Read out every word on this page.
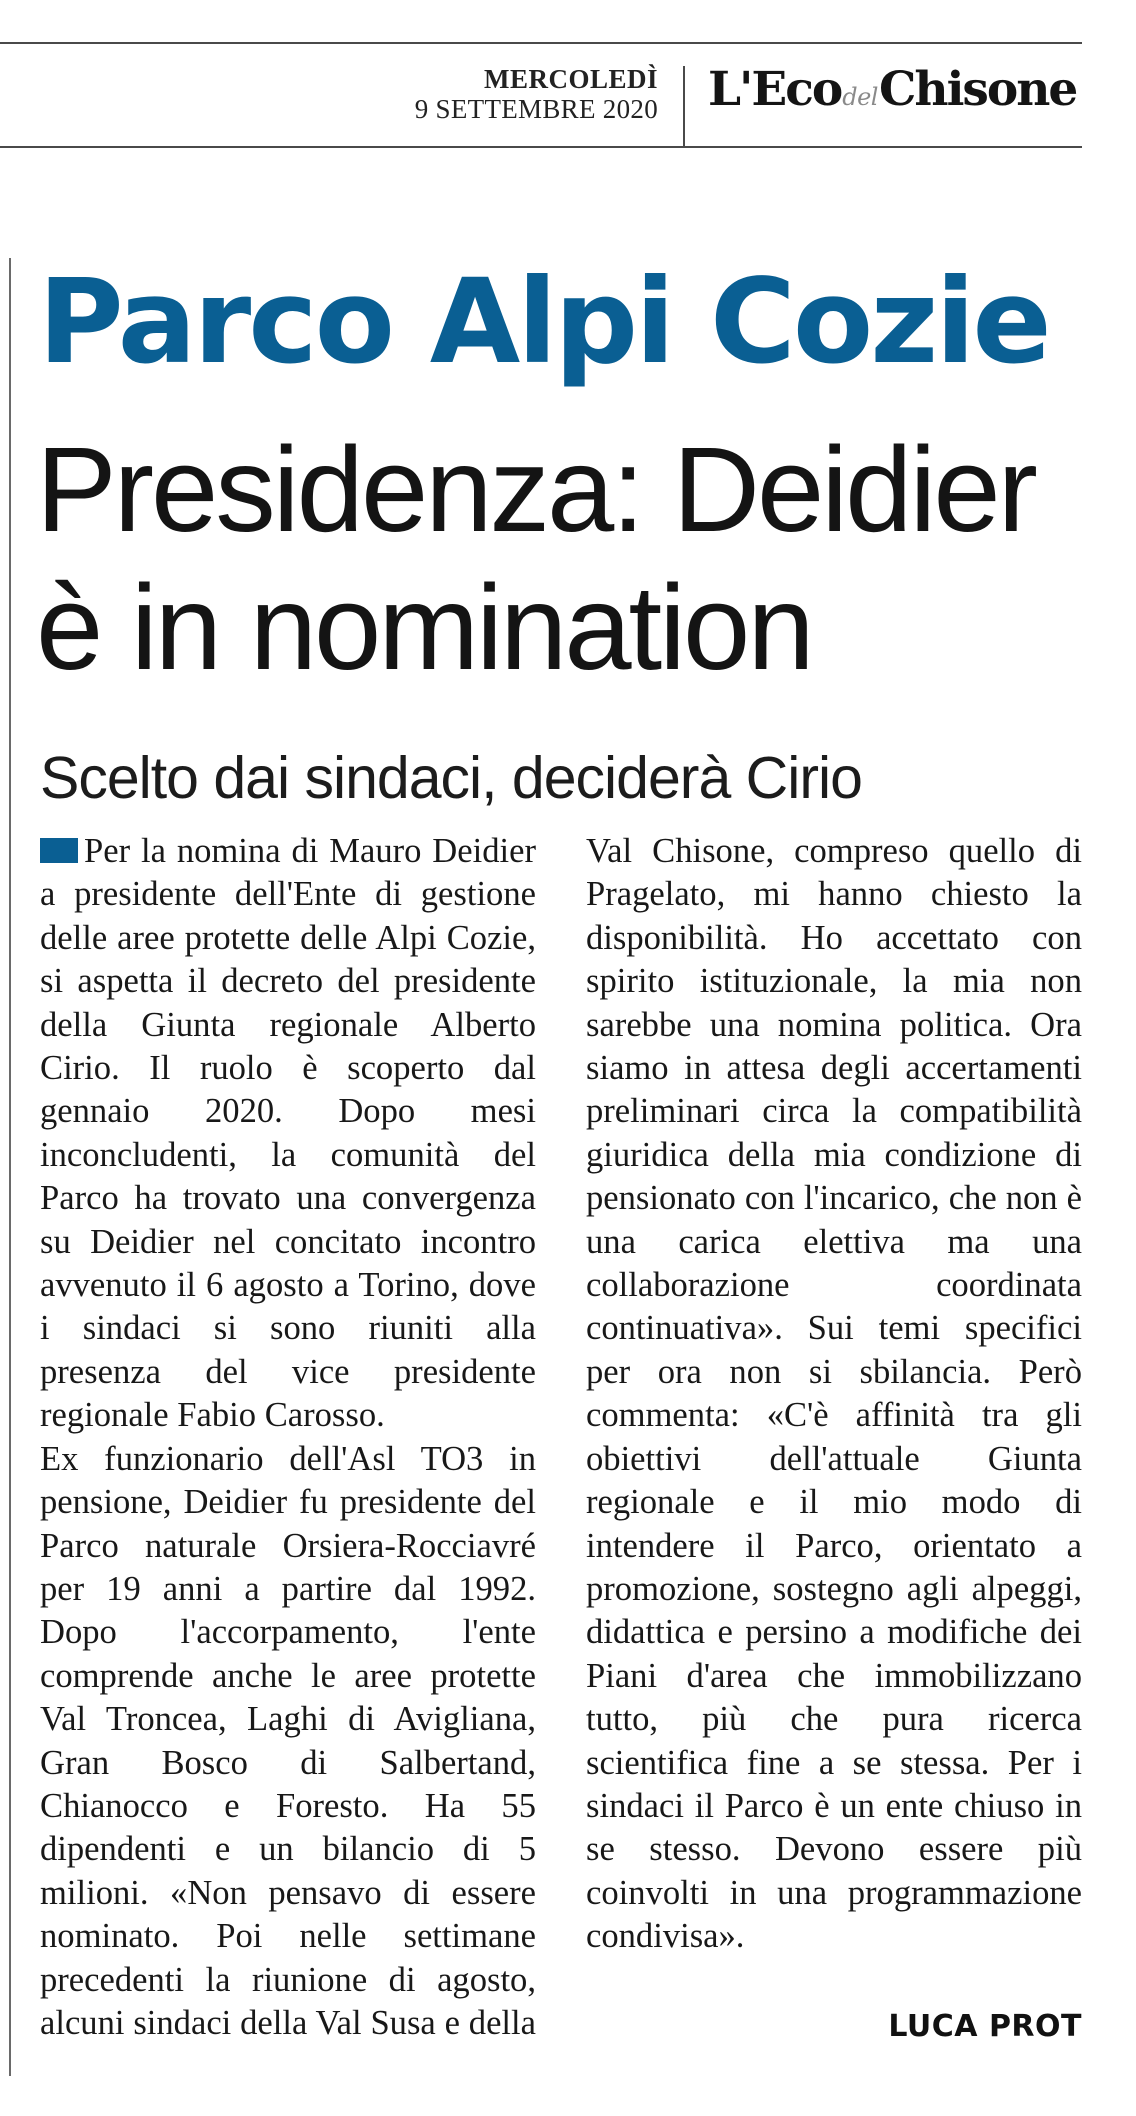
MERCOLEDÌ
9 SETTEMBRE 2020 L'EcodelChisone
Parco Alpi Cozie
Presidenza: Deidier è in nomination
Scelto dai sindaci, deciderà Cirio

Per la nomina di Mauro Deidier a presidente dell'Ente di gestione delle aree protette delle Alpi Cozie, si aspetta il decreto del presidente della Giunta regionale Alberto Cirio. Il ruolo è scoperto dal gennaio 2020. Dopo mesi inconcludenti, la comunità del Parco ha trovato una convergenza su Deidier nel concitato incontro avvenuto il 6 agosto a Torino, dove i sindaci si sono riuniti alla presenza del vice presidente regionale Fabio Carosso.

Ex funzionario dell'Asl TO3 in pensione, Deidier fu presidente del Parco naturale Orsiera-Rocciavré per 19 anni a partire dal 1992. Dopo l'accorpamento, l'ente comprende anche le aree protette Val Troncea, Laghi di Avigliana, Gran Bosco di Salbertand, Chianocco e Foresto. Ha 55 dipendenti e un bilancio di 5 milioni. «Non pensavo di essere nominato. Poi nelle settimane precedenti la riunione di agosto, alcuni sindaci della Val Susa e della Val Chisone, compreso quello di Pragelato, mi hanno chiesto la disponibilità. Ho accettato con spirito istituzionale, la mia non sarebbe una nomina politica. Ora siamo in attesa degli accertamenti preliminari circa la compatibilità giuridica della mia condizione di pensionato con l'incarico, che non è una carica elettiva ma una collaborazione coordinata continuativa». Sui temi specifici per ora non si sbilancia. Però commenta: «C'è affinità tra gli obiettivi dell'attuale Giunta regionale e il mio modo di intendere il Parco, orientato a promozione, sostegno agli alpeggi, didattica e persino a modifiche dei Piani d'area che immobilizzano tutto, più che pura ricerca scientifica fine a se stessa. Per i sindaci il Parco è un ente chiuso in se stesso. Devono essere più coinvolti in una programmazione condivisa».

LUCA PROT
